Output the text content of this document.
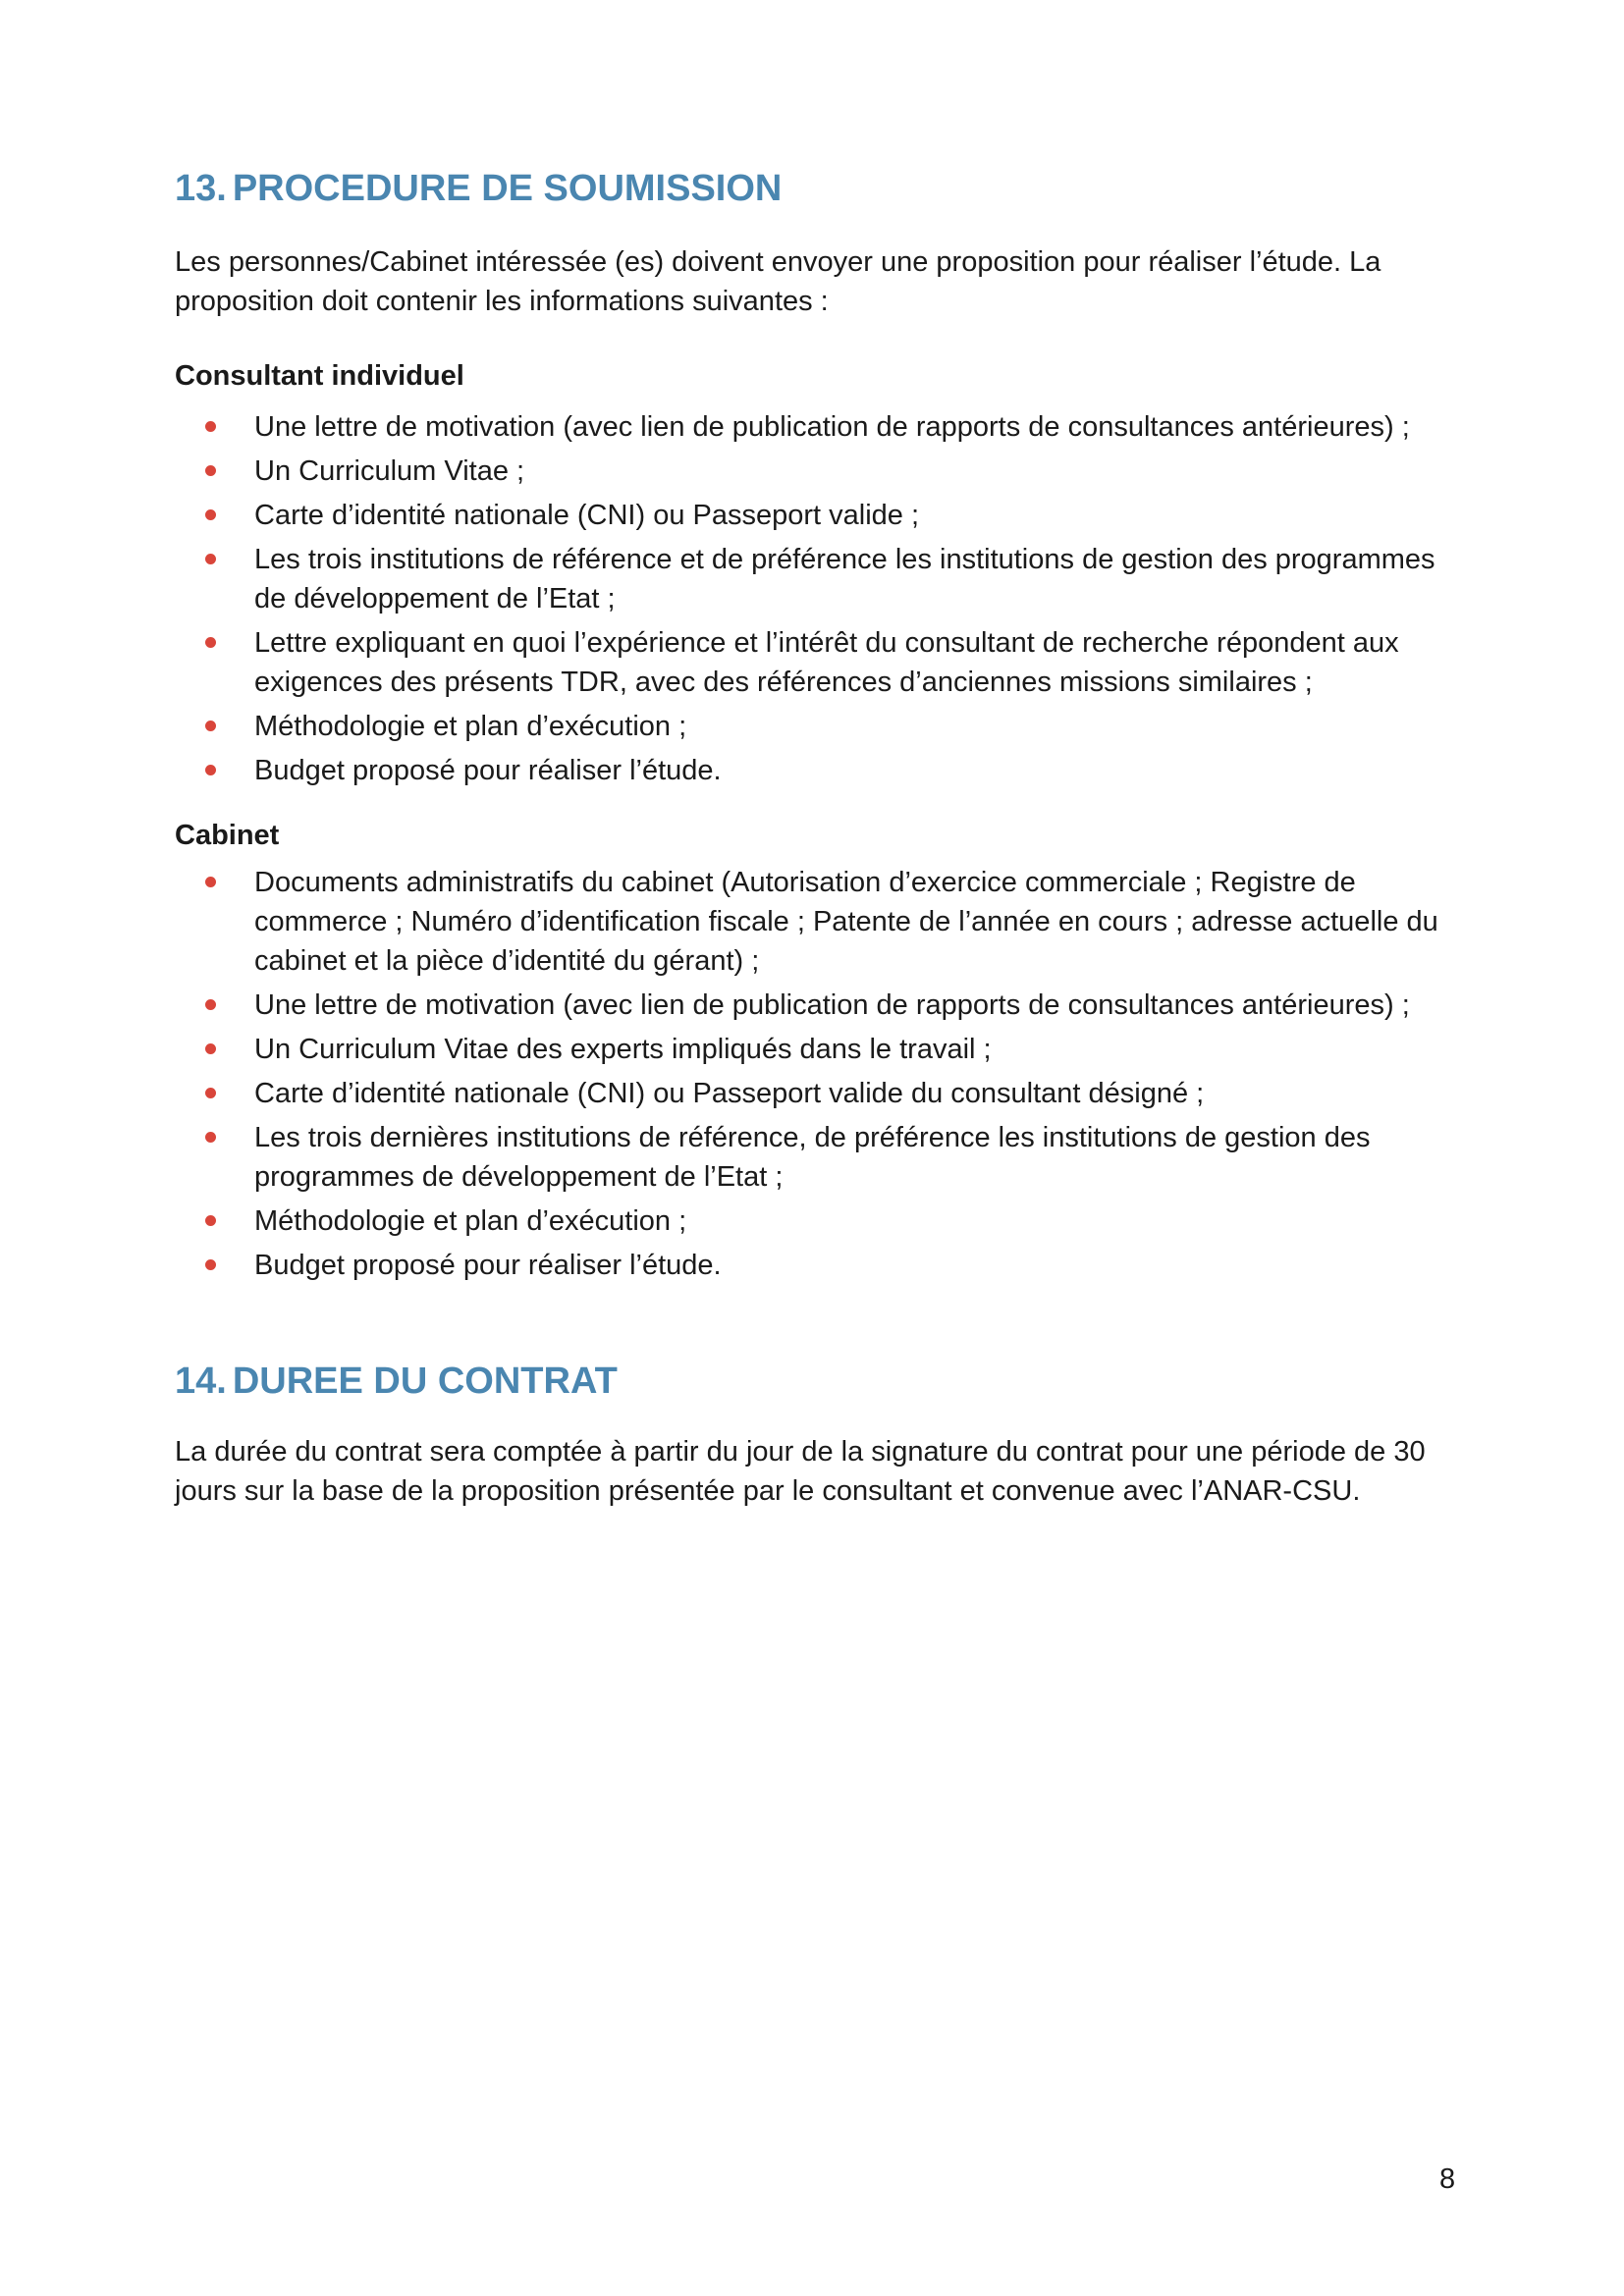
13. PROCEDURE DE SOUMISSION

Les personnes/Cabinet intéressée (es) doivent envoyer une proposition pour réaliser l’étude. La proposition doit contenir les informations suivantes :

Consultant individuel

Une lettre de motivation (avec lien de publication de rapports de consultances antérieures) ;
Un Curriculum Vitae ;
Carte d’identité nationale (CNI) ou Passeport valide ;
Les trois institutions de référence et de préférence les institutions de gestion des programmes de développement de l’Etat ;
Lettre expliquant en quoi l’expérience et l’intérêt du consultant de recherche répondent aux exigences des présents TDR, avec des références d’anciennes missions similaires ;
Méthodologie et plan d’exécution ;
Budget proposé pour réaliser l’étude.

Cabinet

Documents administratifs du cabinet (Autorisation d’exercice commerciale ; Registre de commerce ; Numéro d’identification fiscale ; Patente de l’année en cours ; adresse actuelle du cabinet et la pièce d’identité du gérant) ;
Une lettre de motivation (avec lien de publication de rapports de consultances antérieures) ;
Un Curriculum Vitae des experts impliqués dans le travail ;
Carte d’identité nationale (CNI) ou Passeport valide du consultant désigné ;
Les trois dernières institutions de référence, de préférence les institutions de gestion des programmes de développement de l’Etat ;
Méthodologie et plan d’exécution ;
Budget proposé pour réaliser l’étude.
14. DUREE DU CONTRAT

La durée du contrat sera comptée à partir du jour de la signature du contrat pour une période de 30 jours sur la base de la proposition présentée par le consultant et convenue avec l’ANAR-CSU.

8
